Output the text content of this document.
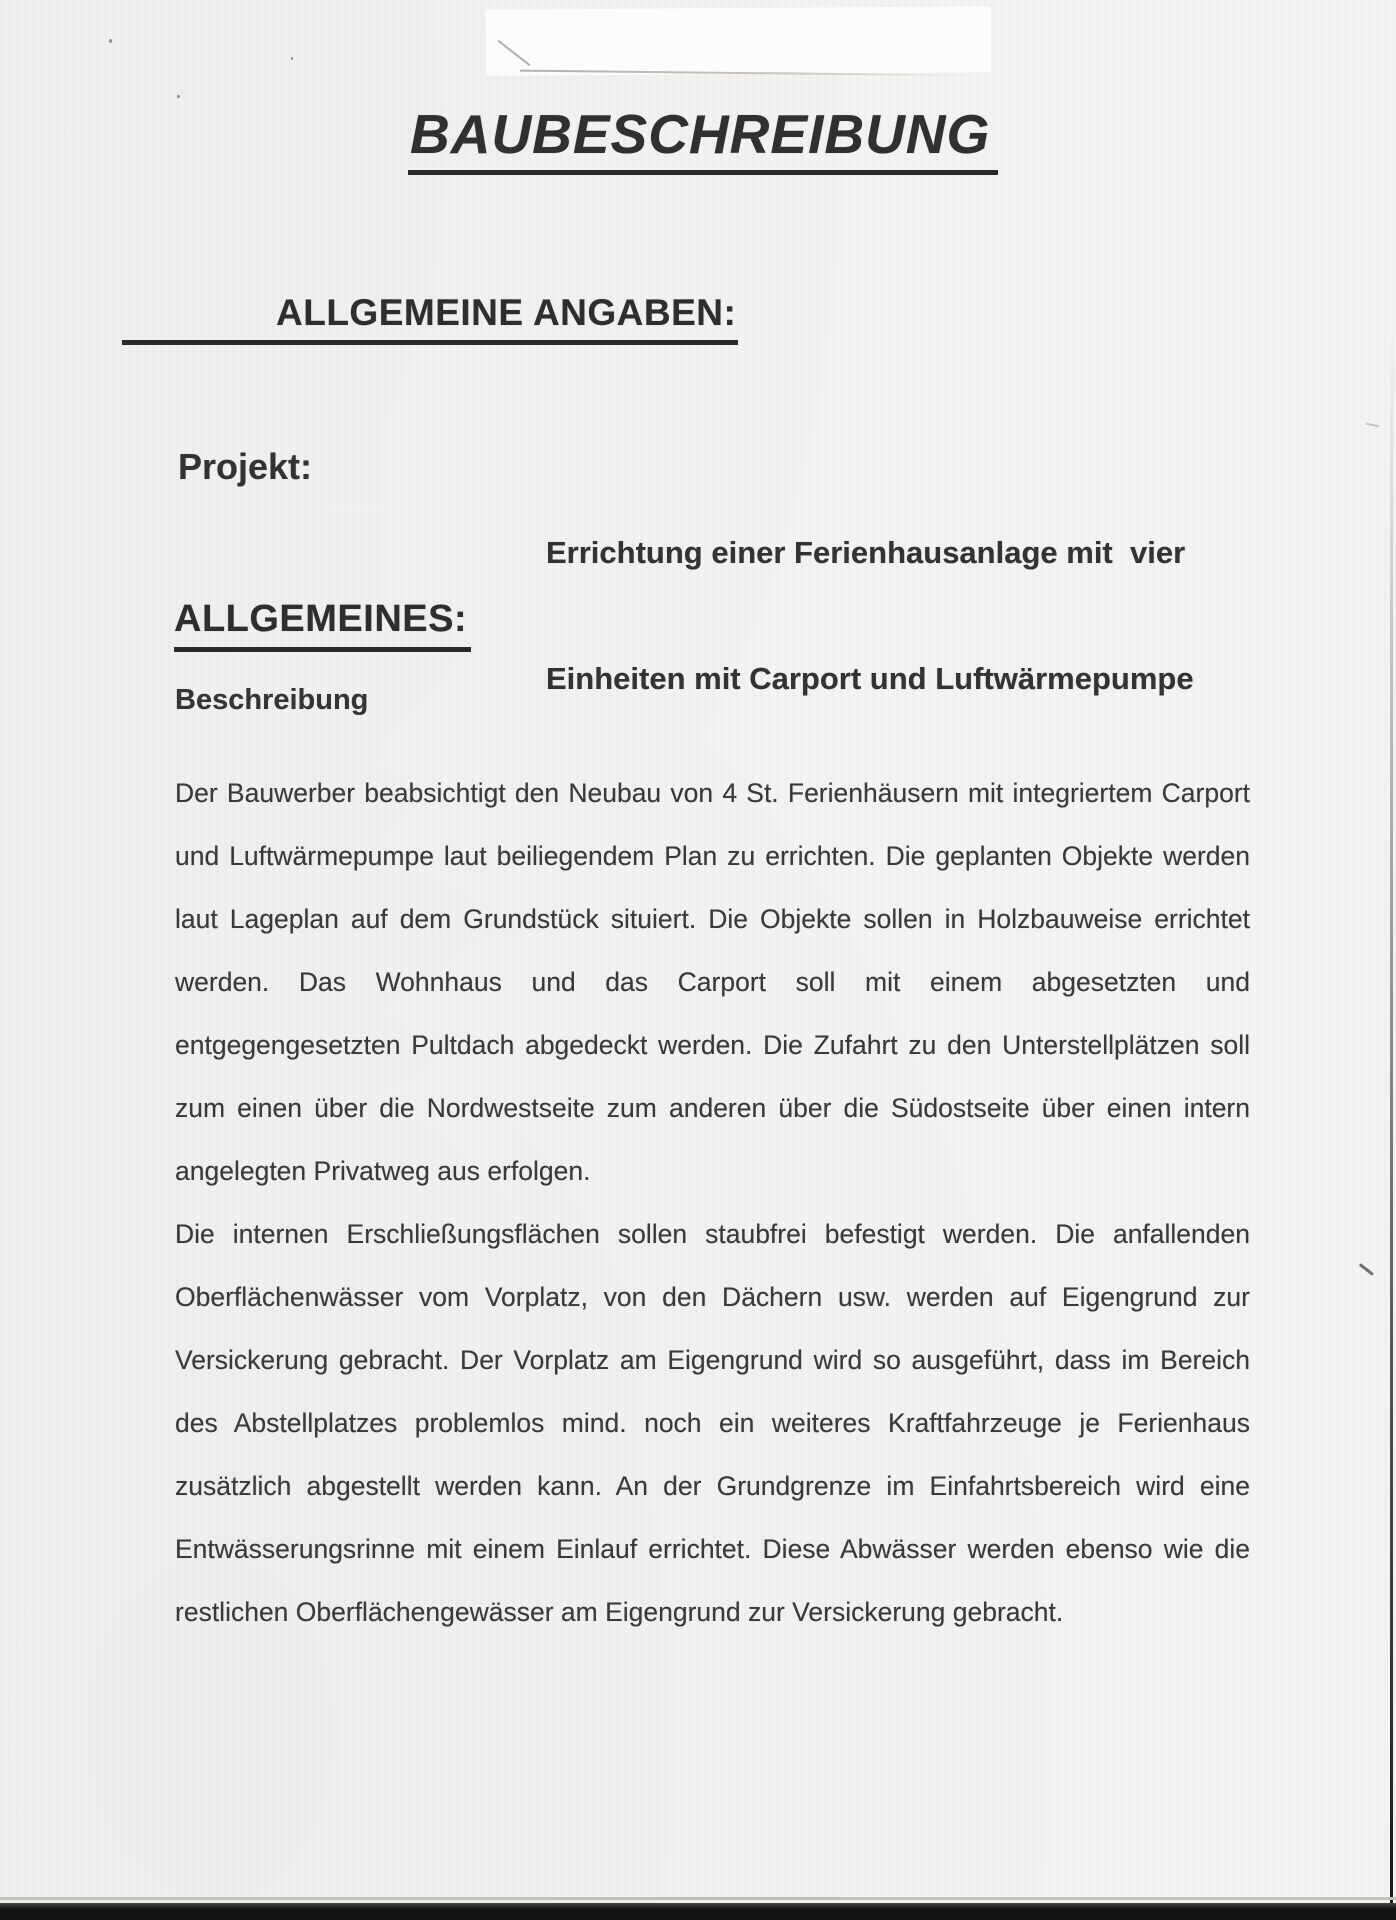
BAUBESCHREIBUNG
ALLGEMEINE ANGABEN:
Projekt:

Errichtung einer Ferienhausanlage mit  vier

Einheiten mit Carport und Luftwärmepumpe

ALLGEMEINES:
Beschreibung
Der Bauwerber beabsichtigt den Neubau von 4 St. Ferienhäusern mit integriertem Carport
und Luftwärmepumpe laut beiliegendem Plan zu errichten. Die geplanten Objekte werden
laut Lageplan auf dem Grundstück situiert. Die Objekte sollen in Holzbauweise errichtet
werden. Das Wohnhaus und das Carport soll mit einem abgesetzten und
entgegengesetzten Pultdach abgedeckt werden. Die Zufahrt zu den Unterstellplätzen soll
zum einen über die Nordwestseite zum anderen über die Südostseite über einen intern
angelegten Privatweg aus erfolgen.
Die internen Erschließungsflächen sollen staubfrei befestigt werden. Die anfallenden
Oberflächenwässer vom Vorplatz, von den Dächern usw. werden auf Eigengrund zur
Versickerung gebracht. Der Vorplatz am Eigengrund wird so ausgeführt, dass im Bereich
des Abstellplatzes problemlos mind. noch ein weiteres Kraftfahrzeuge je Ferienhaus
zusätzlich abgestellt werden kann. An der Grundgrenze im Einfahrtsbereich wird eine
Entwässerungsrinne mit einem Einlauf errichtet. Diese Abwässer werden ebenso wie die
restlichen Oberflächengewässer am Eigengrund zur Versickerung gebracht.
